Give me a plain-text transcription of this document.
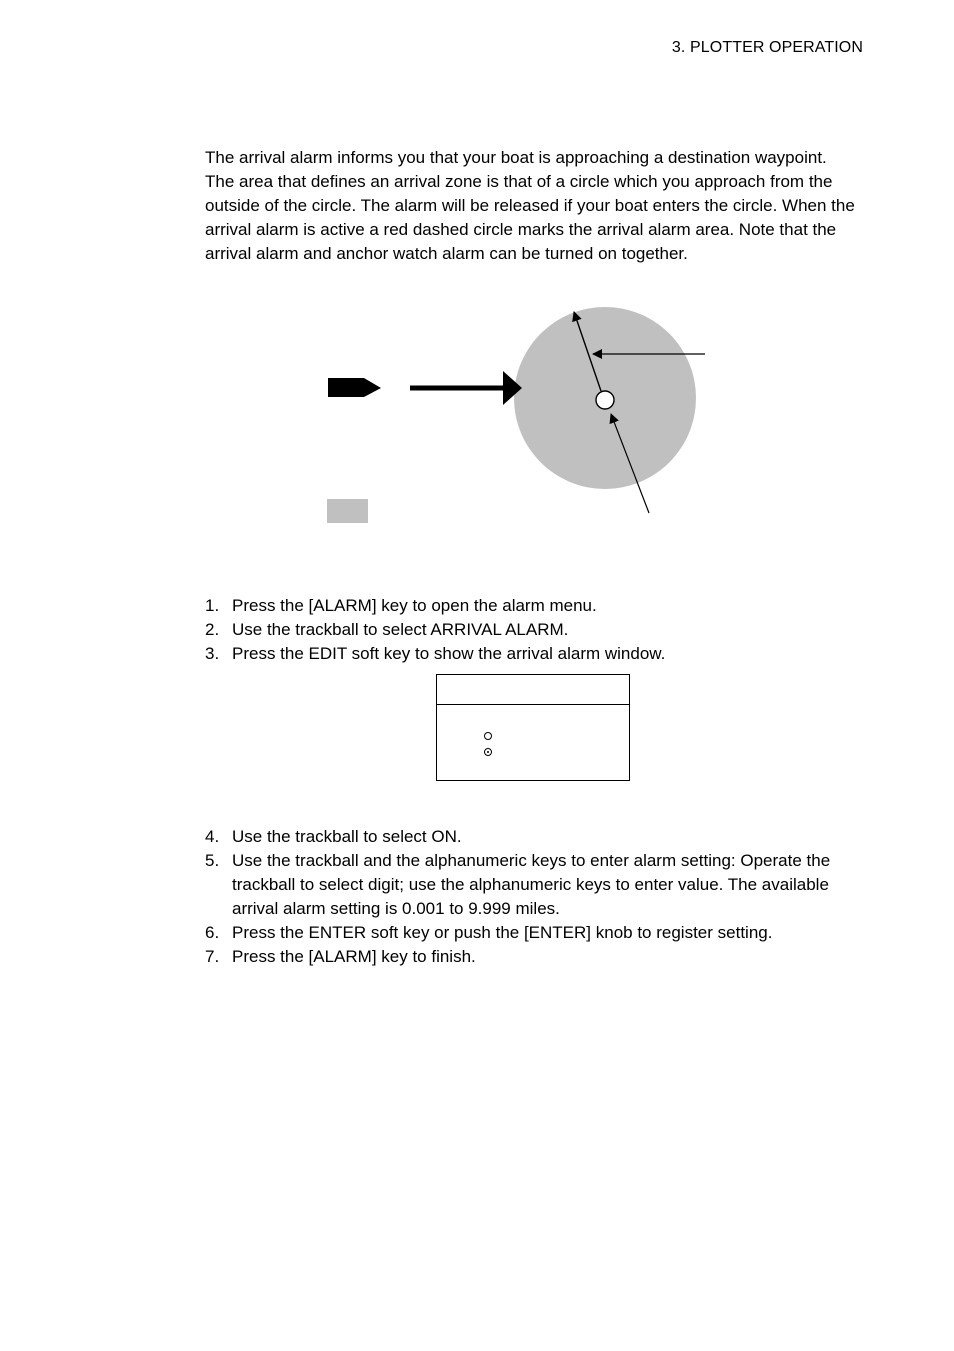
3. PLOTTER OPERATION

The arrival alarm informs you that your boat is approaching a destination waypoint. The area that defines an arrival zone is that of a circle which you approach from the outside of the circle. The alarm will be released if your boat enters the circle. When the arrival alarm is active a red dashed circle marks the arrival alarm area. Note that the arrival alarm and anchor watch alarm can be turned on together.

1. Press the [ALARM] key to open the alarm menu.
2. Use the trackball to select ARRIVAL ALARM.
3. Press the EDIT soft key to show the arrival alarm window.
4. Use the trackball to select ON.
5. Use the trackball and the alphanumeric keys to enter alarm setting: Operate the trackball to select digit; use the alphanumeric keys to enter value. The available arrival alarm setting is 0.001 to 9.999 miles.
6. Press the ENTER soft key or push the [ENTER] knob to register setting.
7. Press the [ALARM] key to finish.
